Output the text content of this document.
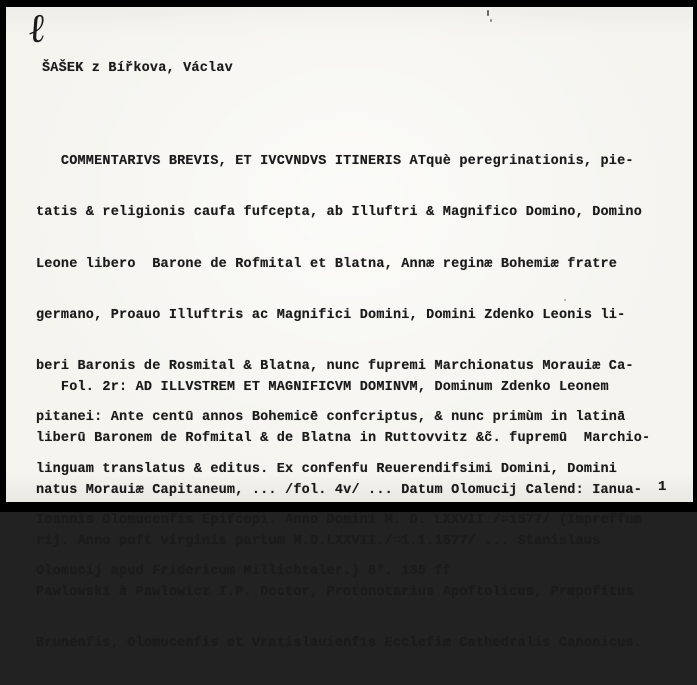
ℓ
ŠAŠEK z Bířkova, Václav

COMMENTARIVS BREVIS, ET IVCVNDVS ITINERIS ATquè peregrinationis, pie-

tatis & religionis caufa fufcepta, ab Illuftri & Magnifico Domino, Domino

Leone libero  Barone de Rofmital et Blatna, Annæ reginæ Bohemiæ fratre

germano, Proauo Illuftris ac Magnifici Domini, Domini Zdenko Leonis li-

beri Baronis de Rosmital & Blatna, nunc fupremi Marchionatus Morauiæ Ca-

pitanei: Ante centū annos Bohemicē confcriptus, & nunc primùm in latinā

linguam translatus & editus. Ex confenfu Reuerendifsimi Domini, Domini

Ioannis Olomucenfis Epifcopi. Anno Domini M. D. LXXVII./=1577/ (Impreffum

Olomucij apud Fridericum Millichtaler.) 8°. 135 ff

Fol. 2r: AD ILLVSTREM ET MAGNIFICVM DOMINVM, Dominum Zdenko Leonem

liberū Baronem de Rofmital & de Blatna in Ruttovvitz &c̃. fupremū  Marchio-

natus Morauiæ Capitaneum, ... /fol. 4v/ ... Datum Olomucij Calend: Ianua-

rij. Anno poft virginis partum M.D.LXXVII./=1.1.1577/ ... Stanislaus

Pawlowski à Pawlowicz I.P. Doctor, Protonotarius Apoftolicus, Præpofitus

Brunenfis, Olomucenfis et Vratislauienfis Ecclefiæ Cathedralis Canonicus.

1
